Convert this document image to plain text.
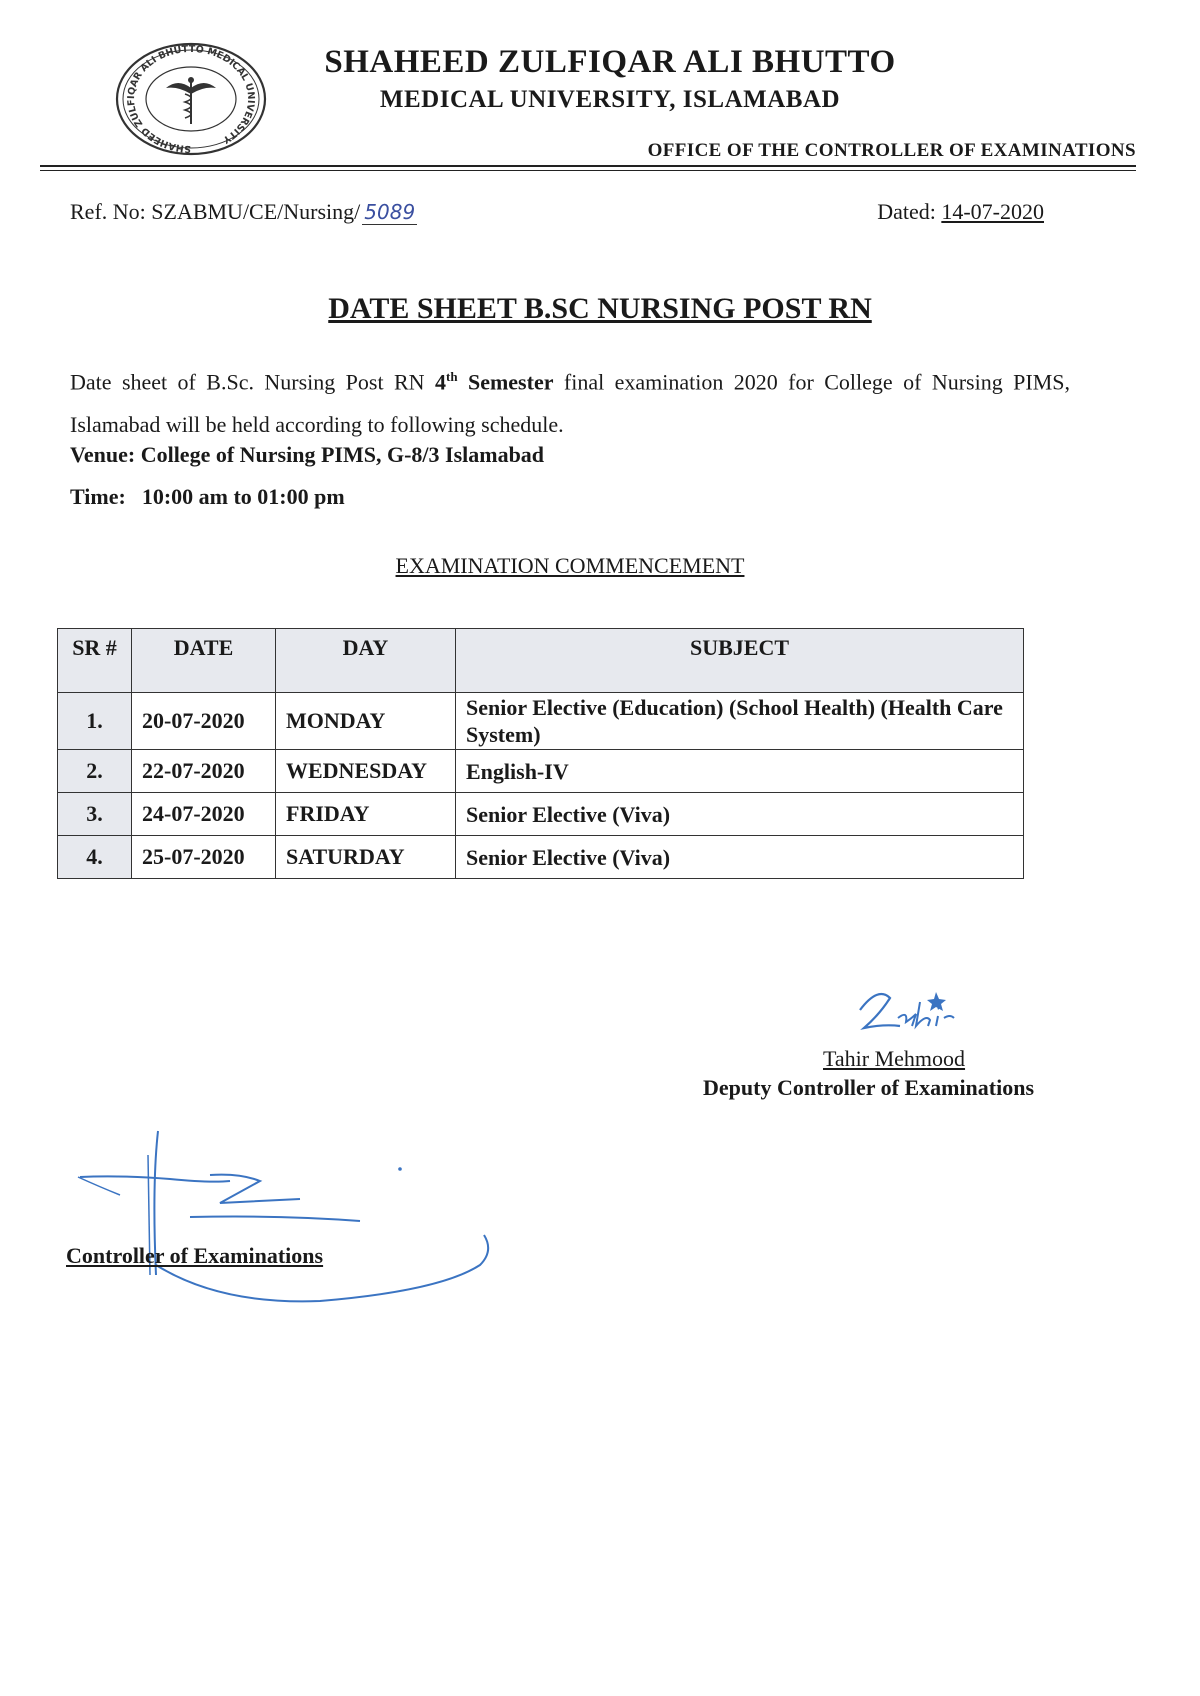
SHAHEED ZULFIQAR ALI BHUTTO MEDICAL UNIVERSITY
SHAHEED ZULFIQAR ALI BHUTTO
MEDICAL UNIVERSITY, ISLAMABAD
OFFICE OF THE CONTROLLER OF EXAMINATIONS
Ref. No: SZABMU/CE/Nursing/ 5089	Dated: 14-07-2020
DATE SHEET B.SC NURSING POST RN
Date sheet of B.Sc. Nursing Post RN 4th Semester final examination 2020 for College of Nursing PIMS, Islamabad will be held according to following schedule.
Venue: College of Nursing PIMS, G-8/3 Islamabad
Time: 10:00 am to 01:00 pm
EXAMINATION COMMENCEMENT
SR #	DATE	DAY	SUBJECT
1.	20-07-2020	MONDAY	Senior Elective (Education) (School Health) (Health Care System)
2.	22-07-2020	WEDNESDAY	English-IV
3.	24-07-2020	FRIDAY	Senior Elective (Viva)
4.	25-07-2020	SATURDAY	Senior Elective (Viva)
Tahir Mehmood
Deputy Controller of Examinations
Controller of Examinations
